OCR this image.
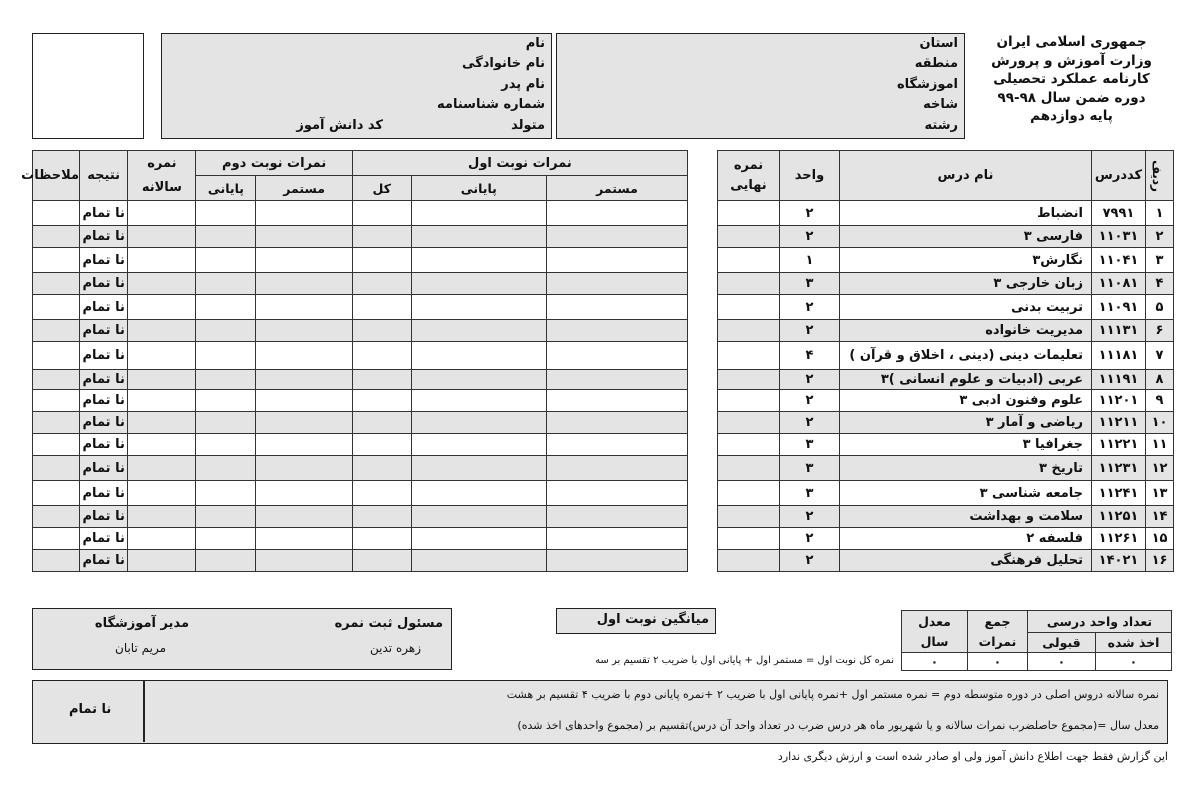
جمهوری اسلامی ایران
وزارت آموزش و پرورش
کارنامه عملکرد تحصیلی
دوره ضمن سال ۹۸-۹۹
پایه دوازدهم
استان
منطقه
اموزشگاه
شاخه
رشته
نام
نام خانوادگی
نام پدر
شماره شناسنامه
متولد
کد دانش آموز
ردیف	کددرس	نام درس	واحد	نمره نهایی
۱	۷۹۹۱	انضباط	۲	
۲	۱۱۰۳۱	فارسی ۳	۲	
۳	۱۱۰۴۱	نگارش۳	۱	
۴	۱۱۰۸۱	زبان خارجی ۳	۳	
۵	۱۱۰۹۱	تربیت بدنی	۲	
۶	۱۱۱۳۱	مدیریت خانواده	۲	
۷	۱۱۱۸۱	تعلیمات دینی (دینی ، اخلاق و قرآن )	۴	
۸	۱۱۱۹۱	عربی (ادبیات و علوم انسانی )۳	۲	
۹	۱۱۲۰۱	علوم وفنون ادبی ۳	۲	
۱۰	۱۱۲۱۱	ریاضی و آمار ۳	۲	
۱۱	۱۱۲۲۱	جغرافیا ۳	۳	
۱۲	۱۱۲۳۱	تاریخ ۳	۳	
۱۳	۱۱۲۴۱	جامعه شناسی ۳	۳	
۱۴	۱۱۲۵۱	سلامت و بهداشت	۲	
۱۵	۱۱۲۶۱	فلسفه ۲	۲	
۱۶	۱۴۰۲۱	تحلیل فرهنگی	۲	
نمرات نوبت اول			نمرات نوبت دوم		نمره سالانه	نتیجه	ملاحظات
مستمر	پایانی	کل	مستمر	پایانی			
						نا تمام	
						نا تمام	
						نا تمام	
						نا تمام	
						نا تمام	
						نا تمام	
						نا تمام	
						نا تمام	
						نا تمام	
						نا تمام	
						نا تمام	
						نا تمام	
						نا تمام	
						نا تمام	
						نا تمام	
						نا تمام	
تعداد واحد درسی		جمع نمرات	معدل سال
اخذ شده	قبولی		
۰	۰	۰	۰
میانگین نوبت اول
نمره کل نوبت اول = مستمر اول + پایانی اول با ضریب ۲ تقسیم بر سه
مسئول ثبت نمره
زهره تدین
مدیر آموزشگاه
مریم تابان
نمره سالانه دروس اصلی در دوره متوسطه دوم = نمره مستمر اول +نمره پایانی اول با ضریب ۲ +نمره پایانی دوم با ضریب ۴ تقسیم بر هشت
معدل سال =(مجموع حاصلضرب نمرات سالانه و یا شهریور ماه هر درس ضرب در تعداد واحد آن درس)تقسیم بر (مجموع واحدهای اخذ شده)
نا تمام
این گزارش فقط جهت اطلاع دانش آموز ولی او صادر شده است و ارزش دیگری ندارد
